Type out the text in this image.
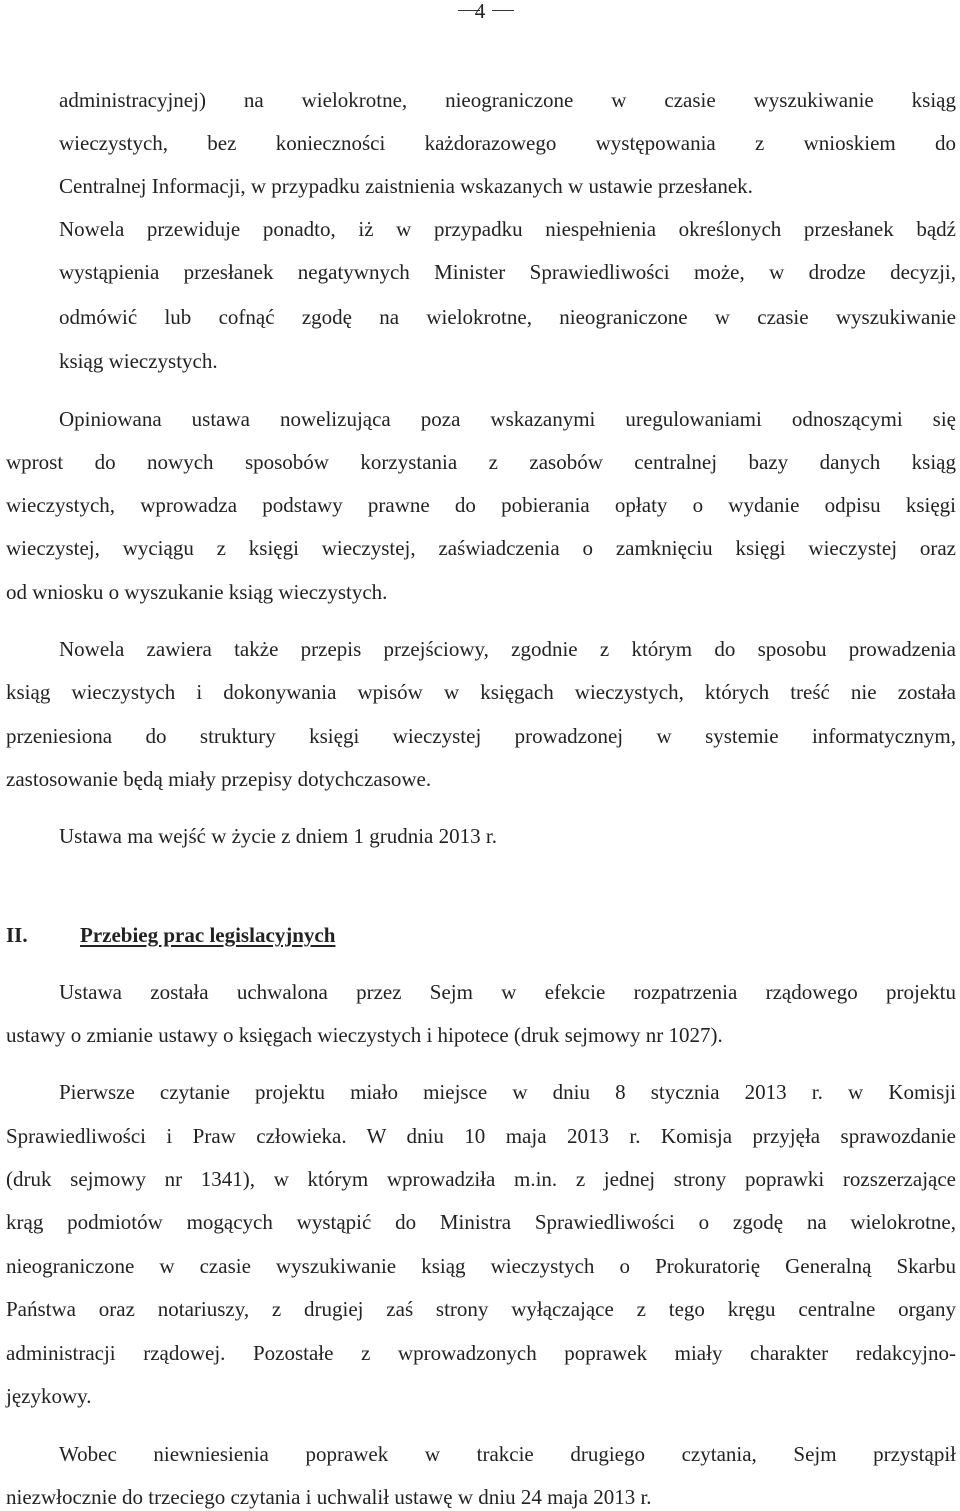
4
administracyjnej) na wielokrotne, nieograniczone w czasie wyszukiwanie ksiąg
wieczystych, bez konieczności każdorazowego występowania z wnioskiem do
Centralnej Informacji, w przypadku zaistnienia wskazanych w ustawie przesłanek.
Nowela przewiduje ponadto, iż w przypadku niespełnienia określonych przesłanek bądź
wystąpienia przesłanek negatywnych Minister Sprawiedliwości może, w drodze decyzji,
odmówić lub cofnąć zgodę na wielokrotne, nieograniczone w czasie wyszukiwanie
ksiąg wieczystych.
Opiniowana ustawa nowelizująca poza wskazanymi uregulowaniami odnoszącymi się
wprost do nowych sposobów korzystania z zasobów centralnej bazy danych ksiąg
wieczystych, wprowadza podstawy prawne do pobierania opłaty o wydanie odpisu księgi
wieczystej, wyciągu z księgi wieczystej, zaświadczenia o zamknięciu księgi wieczystej oraz
od wniosku o wyszukanie ksiąg wieczystych.
Nowela zawiera także przepis przejściowy, zgodnie z którym do sposobu prowadzenia
ksiąg wieczystych i dokonywania wpisów w księgach wieczystych, których treść nie została
przeniesiona do struktury księgi wieczystej prowadzonej w systemie informatycznym,
zastosowanie będą miały przepisy dotychczasowe.
Ustawa ma wejść w życie z dniem 1 grudnia 2013 r.
II. Przebieg prac legislacyjnych
Ustawa została uchwalona przez Sejm w efekcie rozpatrzenia rządowego projektu
ustawy o zmianie ustawy o księgach wieczystych i hipotece (druk sejmowy nr 1027).
Pierwsze czytanie projektu miało miejsce w dniu 8 stycznia 2013 r. w Komisji
Sprawiedliwości i Praw człowieka. W dniu 10 maja 2013 r. Komisja przyjęła sprawozdanie
(druk sejmowy nr 1341), w którym wprowadziła m.in. z jednej strony poprawki rozszerzające
krąg podmiotów mogących wystąpić do Ministra Sprawiedliwości o zgodę na wielokrotne,
nieograniczone w czasie wyszukiwanie ksiąg wieczystych o Prokuratorię Generalną Skarbu
Państwa oraz notariuszy, z drugiej zaś strony wyłączające z tego kręgu centralne organy
administracji rządowej. Pozostałe z wprowadzonych poprawek miały charakter redakcyjno-
językowy.
Wobec niewniesienia poprawek w trakcie drugiego czytania, Sejm przystąpił
niezwłocznie do trzeciego czytania i uchwalił ustawę w dniu 24 maja 2013 r.
